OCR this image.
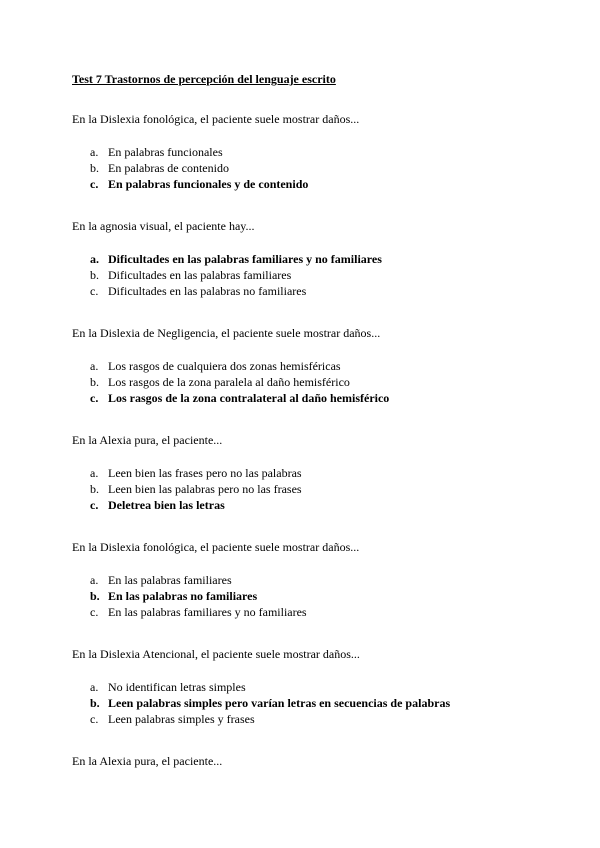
Test 7 Trastornos de percepción del lenguaje escrito
En la Dislexia fonológica, el paciente suele mostrar daños...
a. En palabras funcionales
b. En palabras de contenido
c. En palabras funcionales y de contenido
En la agnosia visual, el paciente hay...
a. Dificultades en las palabras familiares y no familiares
b. Dificultades en las palabras familiares
c. Dificultades en las palabras no familiares
En la Dislexia de Negligencia, el paciente suele mostrar daños...
a. Los rasgos de cualquiera dos zonas hemisféricas
b. Los rasgos de la zona paralela al daño hemisférico
c. Los rasgos de la zona contralateral al daño hemisférico
En la Alexia pura, el paciente...
a. Leen bien las frases pero no las palabras
b. Leen bien las palabras pero no las frases
c. Deletrea bien las letras
En la Dislexia fonológica, el paciente suele mostrar daños...
a. En las palabras familiares
b. En las palabras no familiares
c. En las palabras familiares y no familiares
En la Dislexia Atencional, el paciente suele mostrar daños...
a. No identifican letras simples
b. Leen palabras simples pero varían letras en secuencias de palabras
c. Leen palabras simples y frases
En la Alexia pura, el paciente...
